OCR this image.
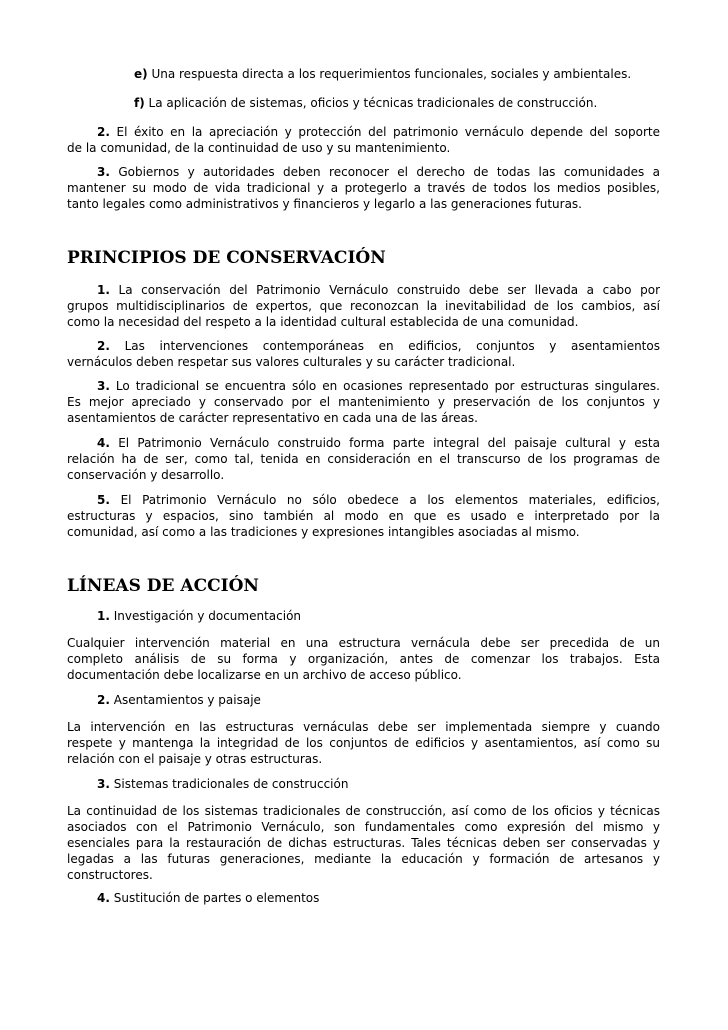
e) Una respuesta directa a los requerimientos funcionales, sociales y ambientales.
f) La aplicación de sistemas, oficios y técnicas tradicionales de construcción.
2. El éxito en la apreciación y protección del patrimonio vernáculo depende del soporte
de la comunidad, de la continuidad de uso y su mantenimiento.
3. Gobiernos y autoridades deben reconocer el derecho de todas las comunidades a
mantener su modo de vida tradicional y a protegerlo a través de todos los medios posibles,
tanto legales como administrativos y financieros y legarlo a las generaciones futuras.
PRINCIPIOS DE CONSERVACIÓN
1. La conservación del Patrimonio Vernáculo construido debe ser llevada a cabo por
grupos multidisciplinarios de expertos, que reconozcan la inevitabilidad de los cambios, así
como la necesidad del respeto a la identidad cultural establecida de una comunidad.
2. Las intervenciones contemporáneas en edificios, conjuntos y asentamientos
vernáculos deben respetar sus valores culturales y su carácter tradicional.
3. Lo tradicional se encuentra sólo en ocasiones representado por estructuras singulares.
Es mejor apreciado y conservado por el mantenimiento y preservación de los conjuntos y
asentamientos de carácter representativo en cada una de las áreas.
4. El Patrimonio Vernáculo construido forma parte integral del paisaje cultural y esta
relación ha de ser, como tal, tenida en consideración en el transcurso de los programas de
conservación y desarrollo.
5. El Patrimonio Vernáculo no sólo obedece a los elementos materiales, edificios,
estructuras y espacios, sino también al modo en que es usado e interpretado por la
comunidad, así como a las tradiciones y expresiones intangibles asociadas al mismo.
LÍNEAS DE ACCIÓN
1. Investigación y documentación
Cualquier intervención material en una estructura vernácula debe ser precedida de un
completo análisis de su forma y organización, antes de comenzar los trabajos. Esta
documentación debe localizarse en un archivo de acceso público.
2. Asentamientos y paisaje
La intervención en las estructuras vernáculas debe ser implementada siempre y cuando
respete y mantenga la integridad de los conjuntos de edificios y asentamientos, así como su
relación con el paisaje y otras estructuras.
3. Sistemas tradicionales de construcción
La continuidad de los sistemas tradicionales de construcción, así como de los oficios y técnicas
asociados con el Patrimonio Vernáculo, son fundamentales como expresión del mismo y
esenciales para la restauración de dichas estructuras. Tales técnicas deben ser conservadas y
legadas a las futuras generaciones, mediante la educación y formación de artesanos y
constructores.
4. Sustitución de partes o elementos
